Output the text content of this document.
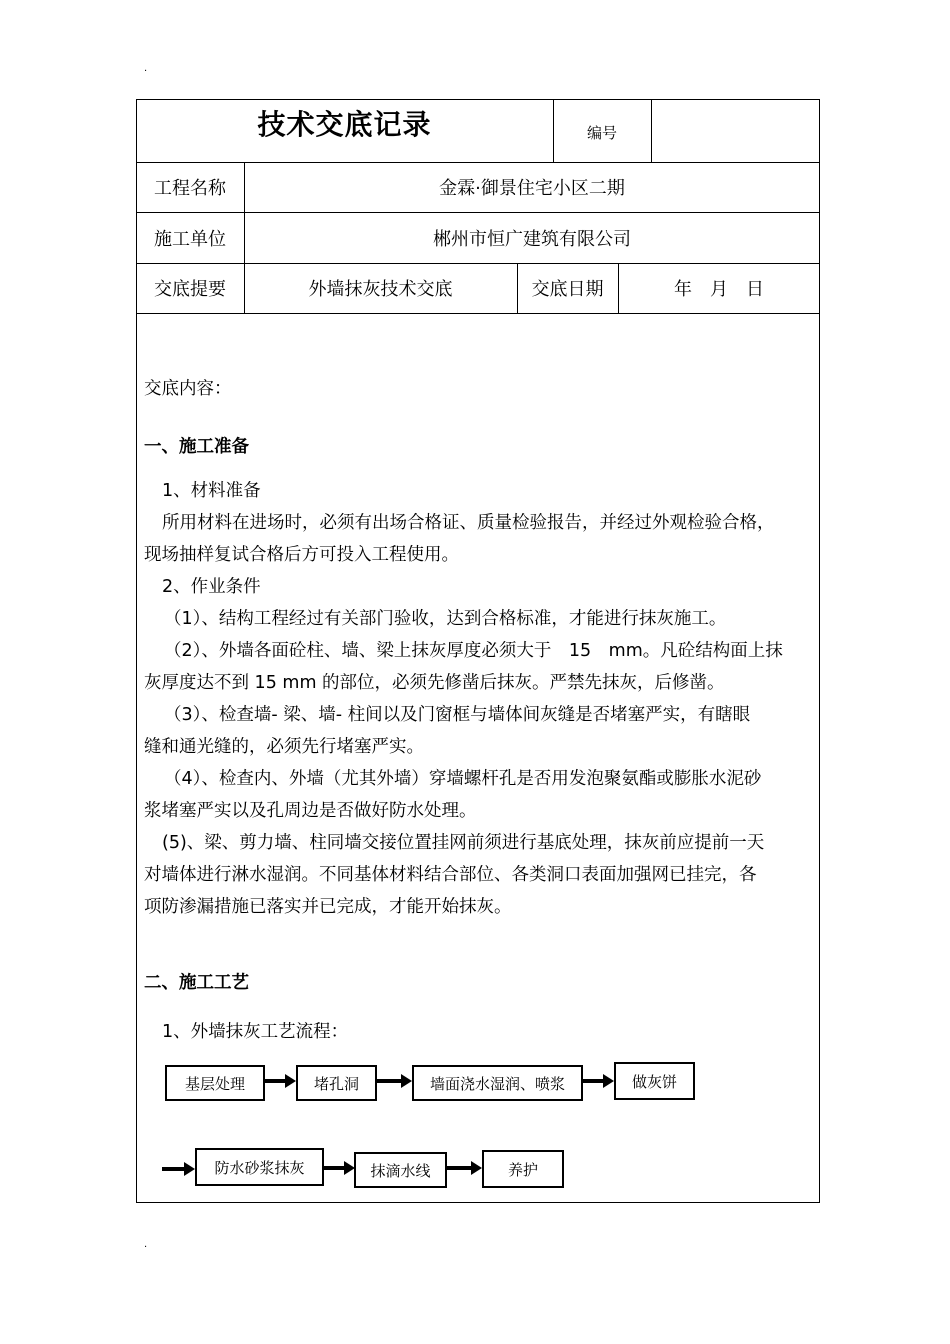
.
技术交底记录	编号
工程名称	金霖·御景住宅小区二期
施工单位	郴州市恒广建筑有限公司
交底提要	外墙抹灰技术交底	交底日期	年　月　日

交底内容：

一、施工准备

1、材料准备

所用材料在进场时，必须有出场合格证、质量检验报告，并经过外观检验合格，

现场抽样复试合格后方可投入工程使用。

2、作业条件

（1）、结构工程经过有关部门验收，达到合格标准，才能进行抹灰施工。

（2）、外墙各面砼柱、墙、梁上抹灰厚度必须大于　15　mm。凡砼结构面上抹

灰厚度达不到 15 mm 的部位，必须先修凿后抹灰。严禁先抹灰，后修凿。

（3）、检查墙- 梁、墙- 柱间以及门窗框与墙体间灰缝是否堵塞严实，有瞎眼

缝和通光缝的，必须先行堵塞严实。

（4）、检查内、外墙（尤其外墙）穿墙螺杆孔是否用发泡聚氨酯或膨胀水泥砂

浆堵塞严实以及孔周边是否做好防水处理。

(5)、梁、剪力墙、柱同墙交接位置挂网前须进行基底处理，抹灰前应提前一天

对墙体进行淋水湿润。不同基体材料结合部位、各类洞口表面加强网已挂完，各

项防渗漏措施已落实并已完成，才能开始抹灰。

二、施工工艺
1、外墙抹灰工艺流程：
基层处理	堵孔洞	墙面浇水湿润、喷浆	做灰饼
防水砂浆抹灰	抹滴水线	养护
.
